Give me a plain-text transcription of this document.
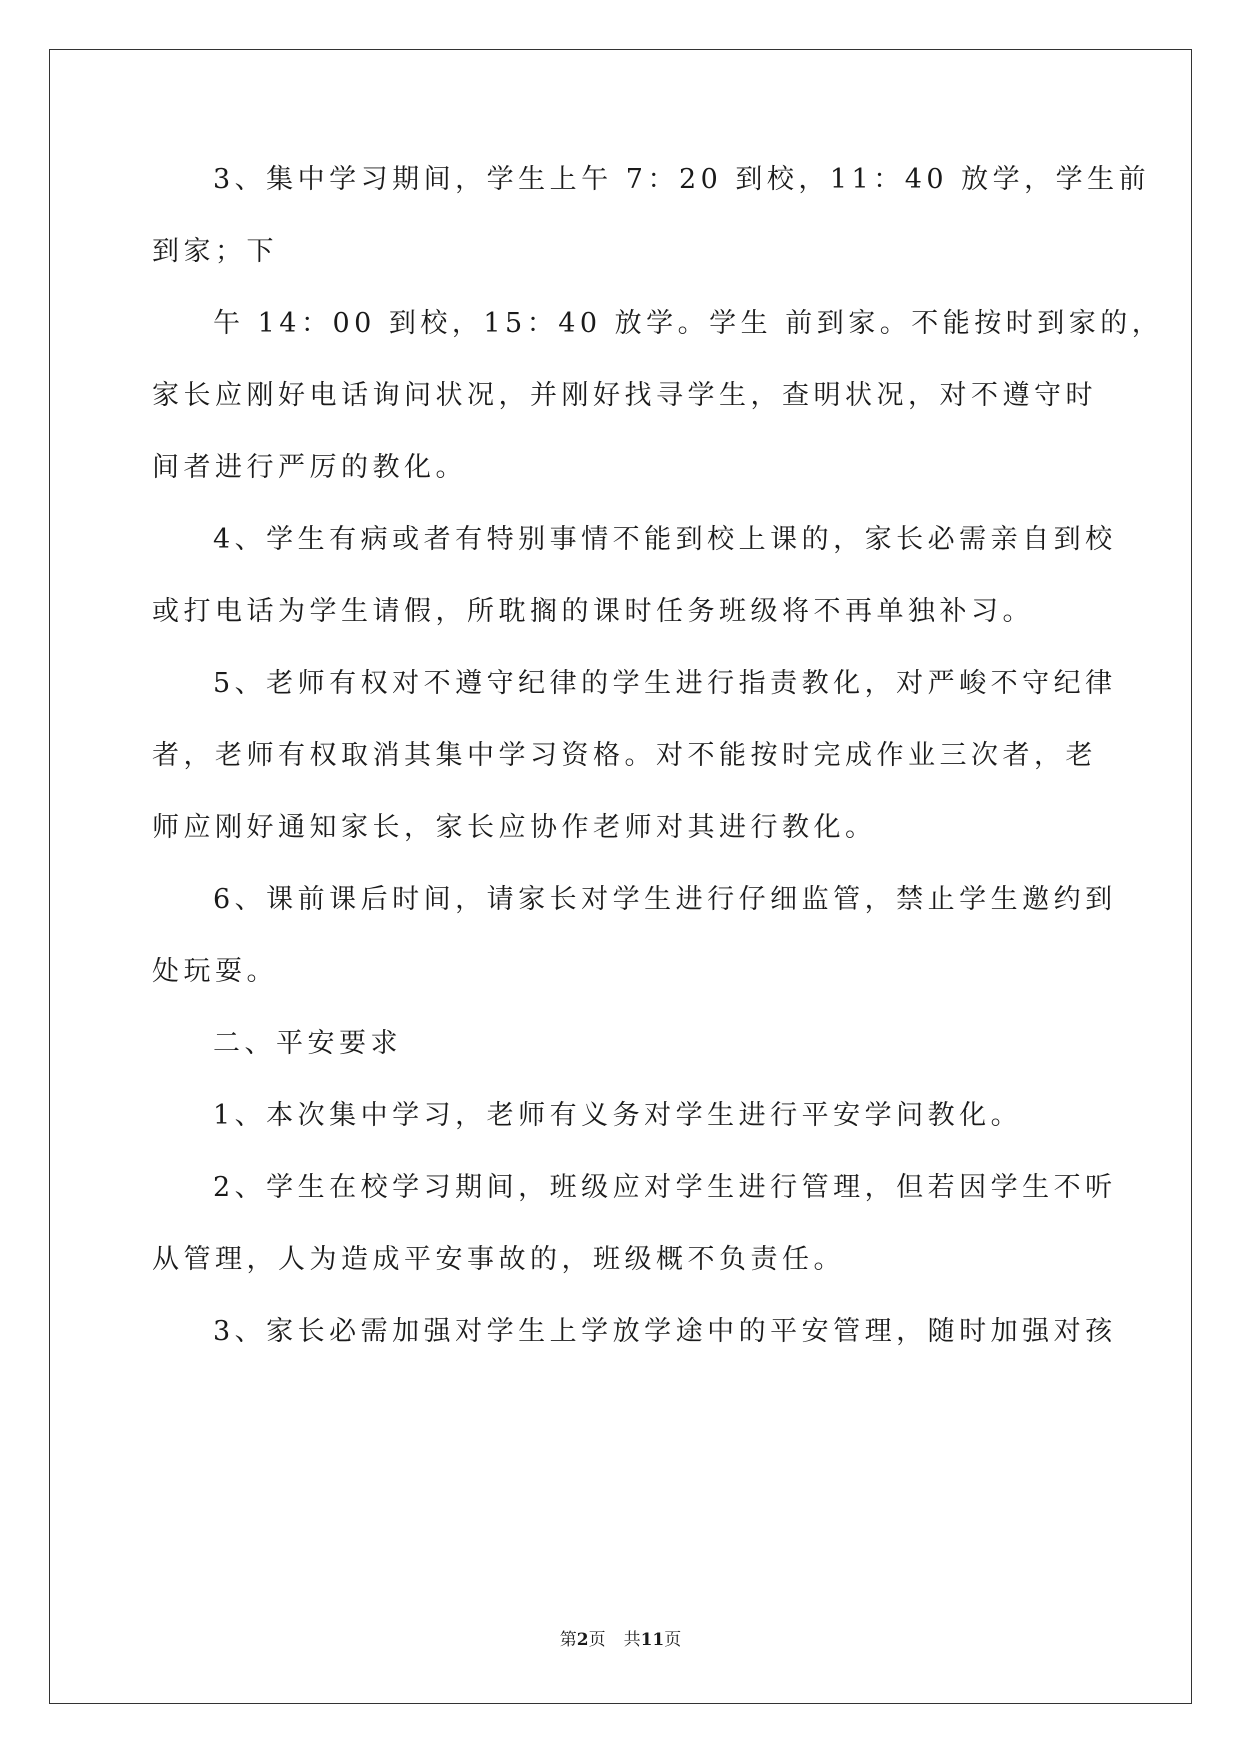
3、集中学习期间，学生上午 7：20 到校，11：40 放学，学生前
到家；下
午 14：00 到校，15：40 放学。学生 前到家。不能按时到家的，
家长应刚好电话询问状况，并刚好找寻学生，查明状况，对不遵守时
间者进行严厉的教化。
4、学生有病或者有特别事情不能到校上课的，家长必需亲自到校
或打电话为学生请假，所耽搁的课时任务班级将不再单独补习。
5、老师有权对不遵守纪律的学生进行指责教化，对严峻不守纪律
者，老师有权取消其集中学习资格。对不能按时完成作业三次者，老
师应刚好通知家长，家长应协作老师对其进行教化。
6、课前课后时间，请家长对学生进行仔细监管，禁止学生邀约到
处玩耍。
二、平安要求
1、本次集中学习，老师有义务对学生进行平安学问教化。
2、学生在校学习期间，班级应对学生进行管理，但若因学生不听
从管理，人为造成平安事故的，班级概不负责任。
3、家长必需加强对学生上学放学途中的平安管理，随时加强对孩
第2页 共11页
